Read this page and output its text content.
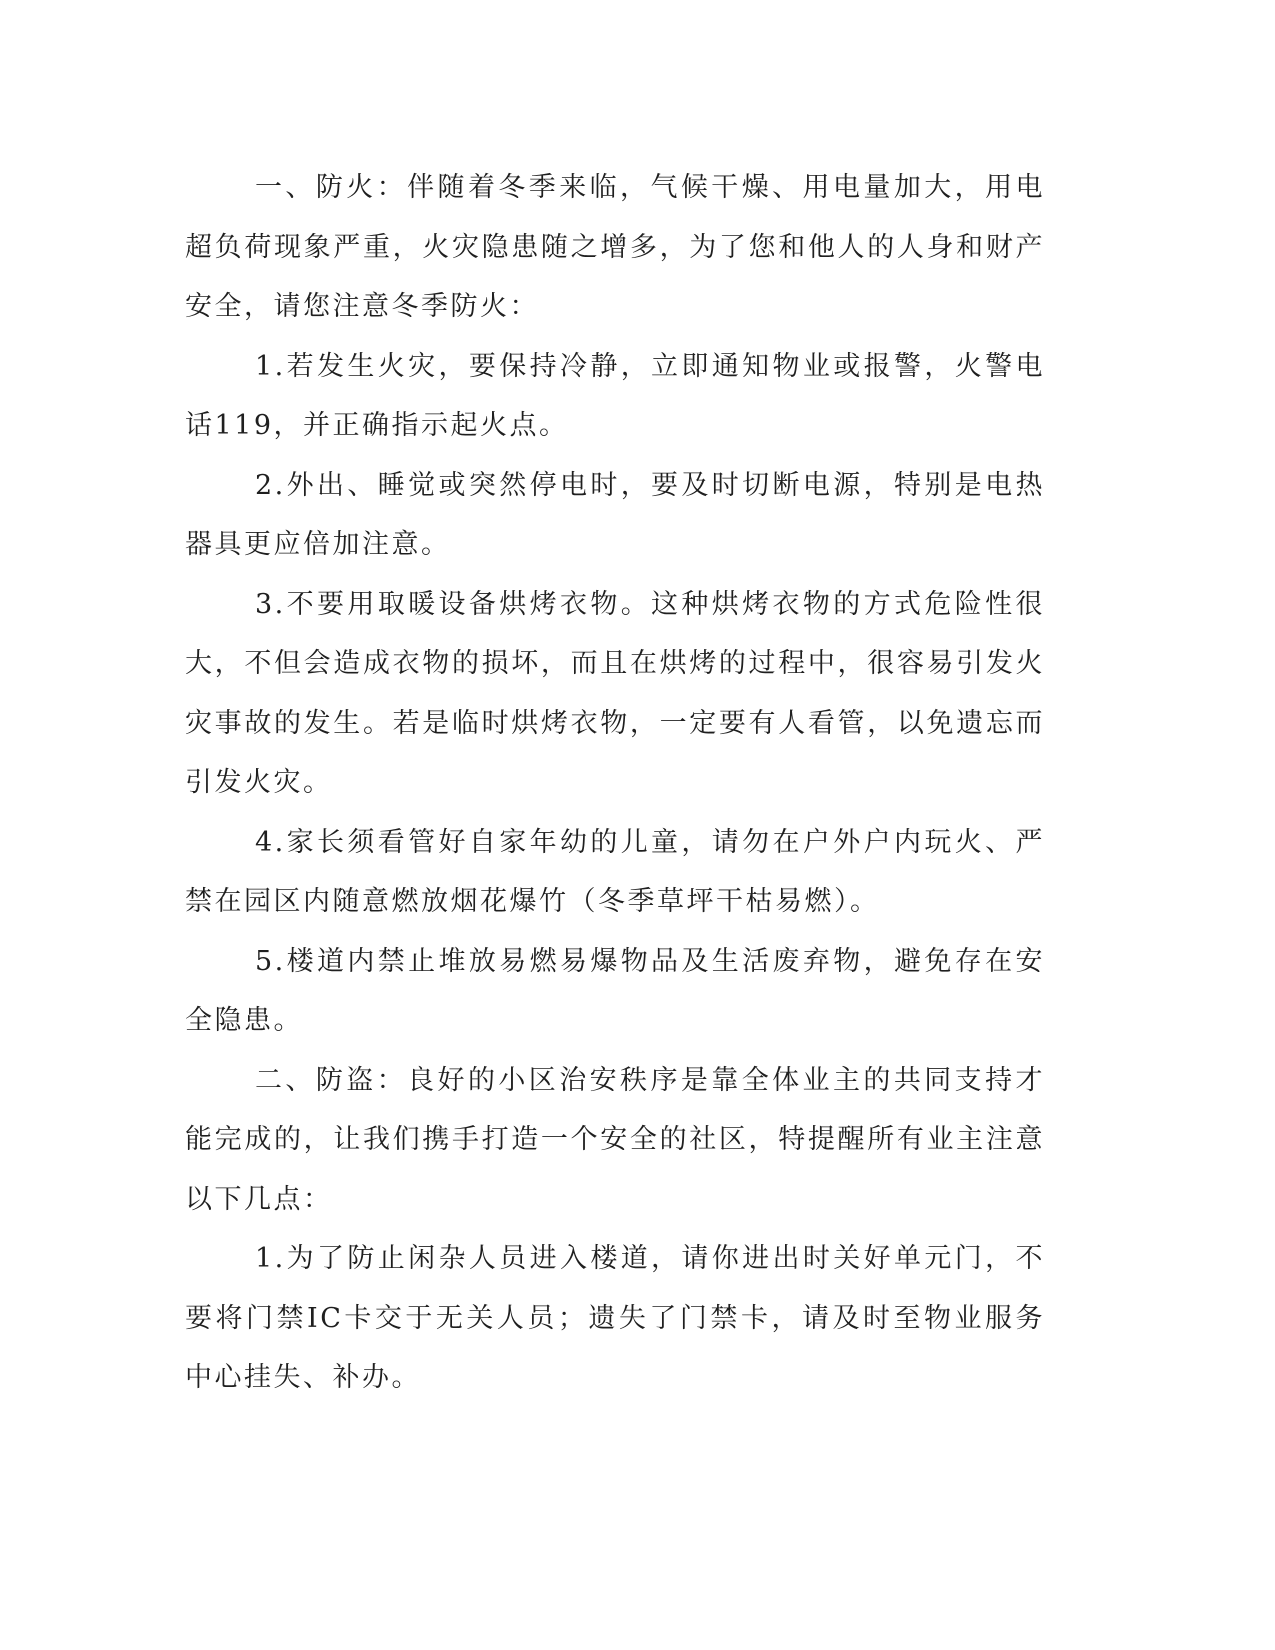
一、防火：伴随着冬季来临，气候干燥、用电量加大，用电超负荷现象严重，火灾隐患随之增多，为了您和他人的人身和财产安全，请您注意冬季防火：

1.若发生火灾，要保持冷静，立即通知物业或报警，火警电话119，并正确指示起火点。

2.外出、睡觉或突然停电时，要及时切断电源，特别是电热器具更应倍加注意。

3.不要用取暖设备烘烤衣物。这种烘烤衣物的方式危险性很大，不但会造成衣物的损坏，而且在烘烤的过程中，很容易引发火灾事故的发生。若是临时烘烤衣物，一定要有人看管，以免遗忘而引发火灾。

4.家长须看管好自家年幼的儿童，请勿在户外户内玩火、严禁在园区内随意燃放烟花爆竹（冬季草坪干枯易燃）。

5.楼道内禁止堆放易燃易爆物品及生活废弃物，避免存在安全隐患。

二、防盗：良好的小区治安秩序是靠全体业主的共同支持才能完成的，让我们携手打造一个安全的社区，特提醒所有业主注意以下几点：

1.为了防止闲杂人员进入楼道，请你进出时关好单元门，不要将门禁IC卡交于无关人员；遗失了门禁卡，请及时至物业服务中心挂失、补办。
